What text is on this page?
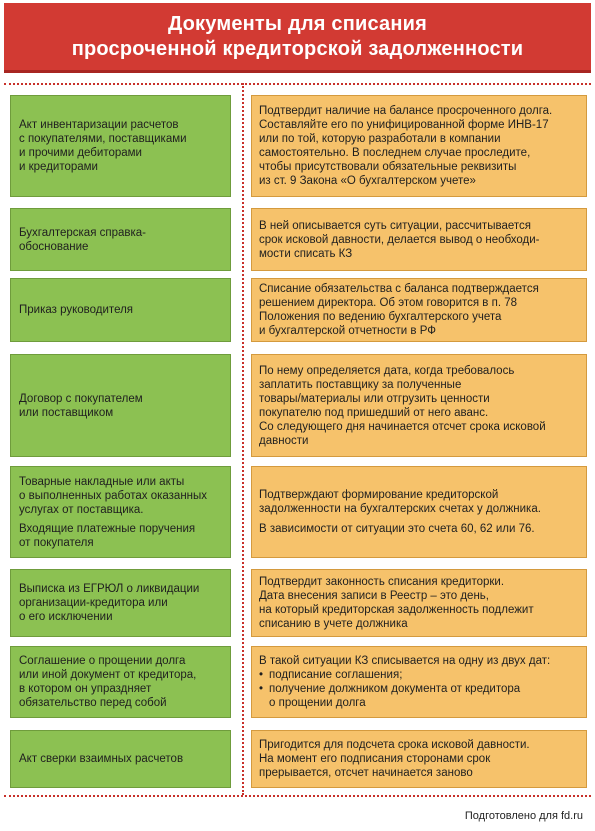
Документы для списания
просроченной кредиторской задолженности

Акт инвентаризации расчетов
с покупателями, поставщиками
и прочими дебиторами
и кредиторами

Подтвердит наличие на балансе просроченного долга.
Составляйте его по унифицированной форме ИНВ-17
или по той, которую разработали в компании
самостоятельно. В последнем случае проследите,
чтобы присутствовали обязательные реквизиты
из ст. 9 Закона «О бухгалтерском учете»

Бухгалтерская справка-
обоснование

В ней описывается суть ситуации, рассчитывается
срок исковой давности, делается вывод о необходи-
мости списать КЗ

Приказ руководителя

Списание обязательства с баланса подтверждается
решением директора. Об этом говорится в п. 78
Положения по ведению бухгалтерского учета
и бухгалтерской отчетности в РФ

Договор с покупателем
или поставщиком

По нему определяется дата, когда требовалось
заплатить поставщику за полученные
товары/материалы или отгрузить ценности
покупателю под пришедший от него аванс.
Со следующего дня начинается отсчет срока исковой
давности

Товарные накладные или акты
о выполненных работах оказанных
услугах от поставщика.

Входящие платежные поручения
от покупателя

Подтверждают формирование кредиторской
задолженности на бухгалтерских счетах у должника.

В зависимости от ситуации это счета 60, 62 или 76.

Выписка из ЕГРЮЛ о ликвидации
организации-кредитора или
о его исключении

Подтвердит законность списания кредиторки.
Дата внесения записи в Реестр – это день,
на который кредиторская задолженность подлежит
списанию в учете должника

Соглашение о прощении долга
или иной документ от кредитора,
в котором он упраздняет
обязательство перед собой

В такой ситуации КЗ списывается на одну из двух дат:

• подписание соглашения;
• получение должником документа от кредитора
о прощении долга

Акт сверки взаимных расчетов

Пригодится для подсчета срока исковой давности.
На момент его подписания сторонами срок
прерывается, отсчет начинается заново

Подготовлено для fd.ru
